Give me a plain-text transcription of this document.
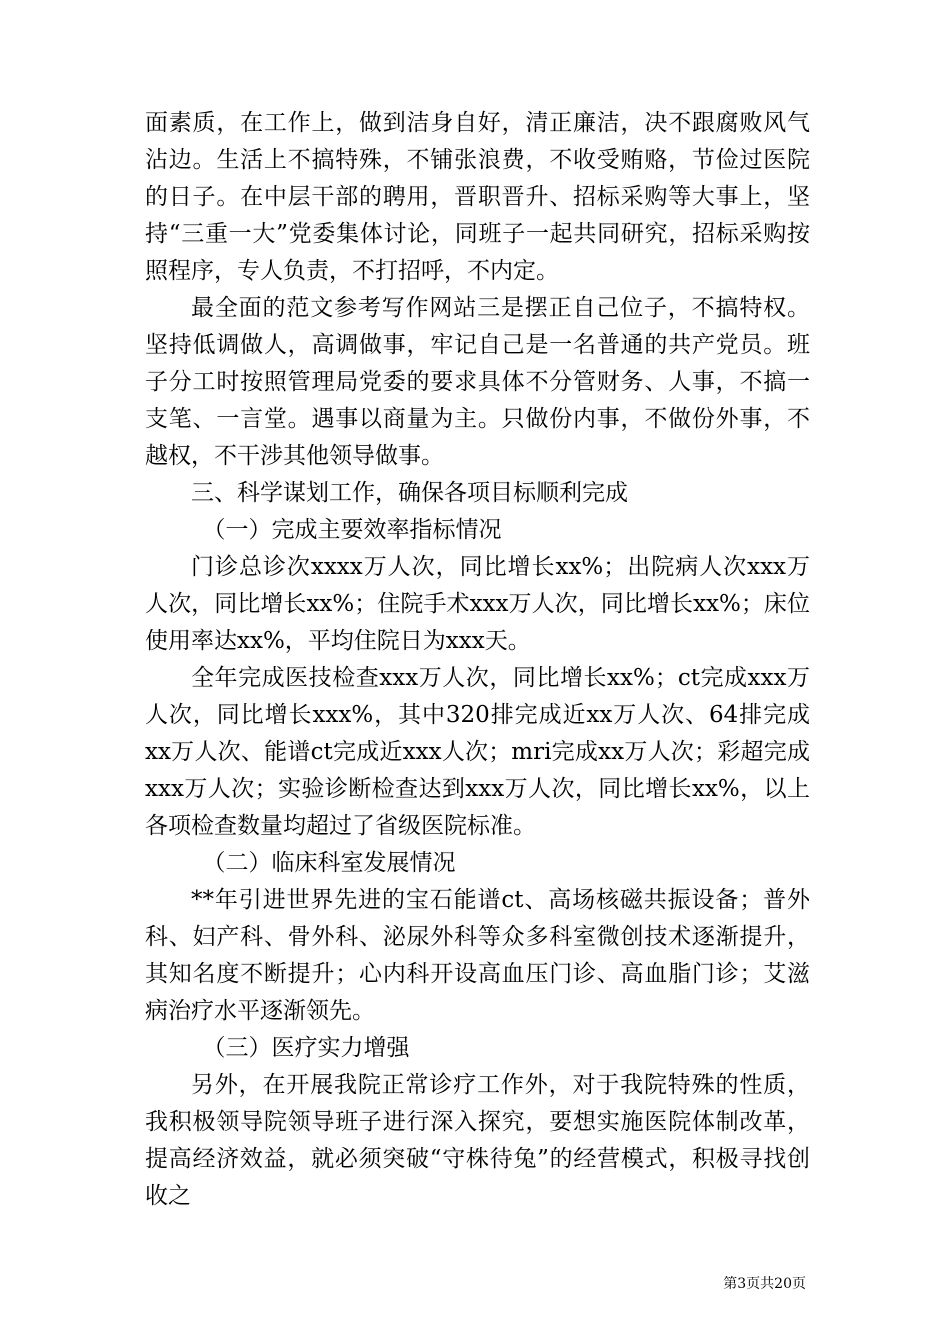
面素质，在工作上，做到洁身自好，清正廉洁，决不跟腐败风气沾边。生活上不搞特殊，不铺张浪费，不收受贿赂，节俭过医院的日子。在中层干部的聘用，晋职晋升、招标采购等大事上，坚持“三重一大”党委集体讨论，同班子一起共同研究，招标采购按照程序，专人负责，不打招呼，不内定。

最全面的范文参考写作网站三是摆正自己位子，不搞特权。坚持低调做人，高调做事，牢记自己是一名普通的共产党员。班子分工时按照管理局党委的要求具体不分管财务、人事，不搞一支笔、一言堂。遇事以商量为主。只做份内事，不做份外事，不越权，不干涉其他领导做事。

三、科学谋划工作，确保各项目标顺利完成

（一）完成主要效率指标情况

门诊总诊次xxxx万人次，同比增长xx%；出院病人次xxx万人次，同比增长xx%；住院手术xxx万人次，同比增长xx%；床位使用率达xx%，平均住院日为xxx天。

全年完成医技检查xxx万人次，同比增长xx%；ct完成xxx万人次，同比增长xxx%，其中320排完成近xx万人次、64排完成xx万人次、能谱ct完成近xxx人次；mri完成xx万人次；彩超完成xxx万人次；实验诊断检查达到xxx万人次，同比增长xx%，以上各项检查数量均超过了省级医院标准。

（二）临床科室发展情况

**年引进世界先进的宝石能谱ct、高场核磁共振设备；普外科、妇产科、骨外科、泌尿外科等众多科室微创技术逐渐提升，其知名度不断提升；心内科开设高血压门诊、高血脂门诊；艾滋病治疗水平逐渐领先。

（三）医疗实力增强

另外，在开展我院正常诊疗工作外，对于我院特殊的性质，我积极领导院领导班子进行深入探究，要想实施医院体制改革，提高经济效益，就必须突破“守株待兔”的经营模式，积极寻找创收之

第3页共20页
